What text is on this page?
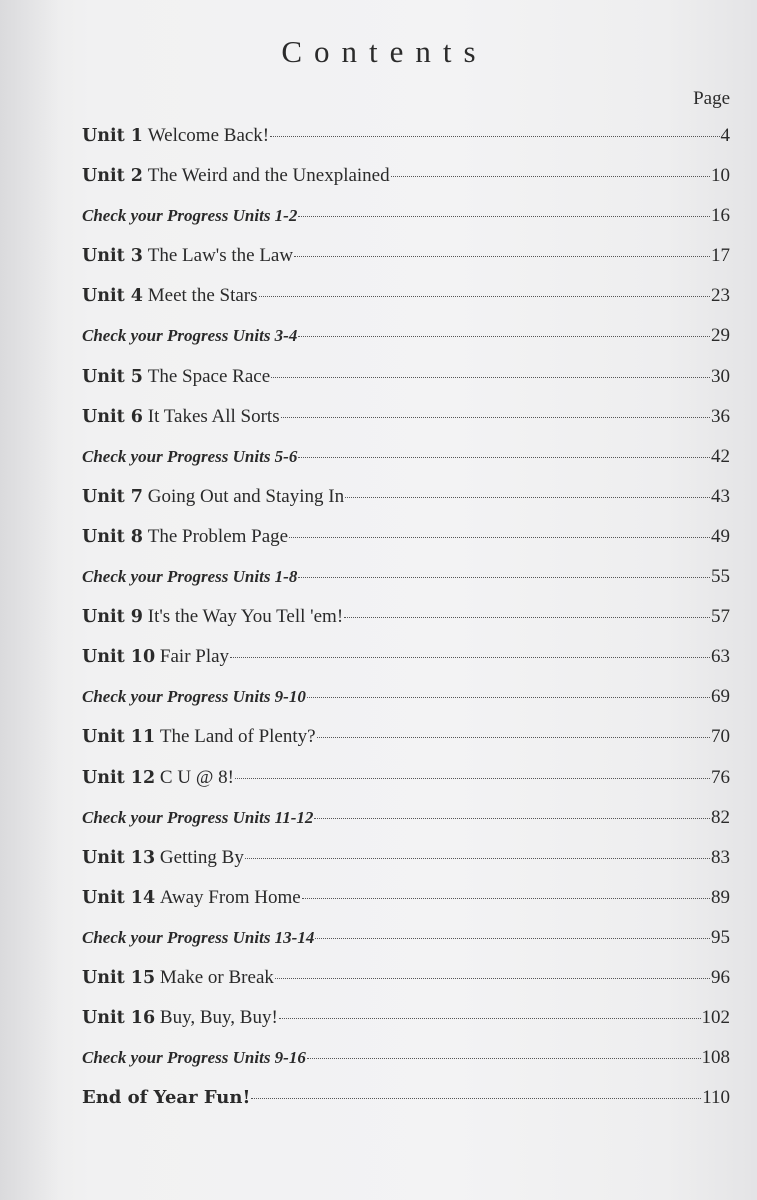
Contents
Page
Unit 1 Welcome Back!	4
Unit 2 The Weird and the Unexplained	10
Check your Progress Units 1-2	16
Unit 3 The Law's the Law	17
Unit 4 Meet the Stars	23
Check your Progress Units 3-4	29
Unit 5 The Space Race	30
Unit 6 It Takes All Sorts	36
Check your Progress Units 5-6	42
Unit 7 Going Out and Staying In	43
Unit 8 The Problem Page	49
Check your Progress Units 1-8	55
Unit 9 It's the Way You Tell 'em!	57
Unit 10 Fair Play	63
Check your Progress Units 9-10	69
Unit 11 The Land of Plenty?	70
Unit 12 C U @ 8!	76
Check your Progress Units 11-12	82
Unit 13 Getting By	83
Unit 14 Away From Home	89
Check your Progress Units 13-14	95
Unit 15 Make or Break	96
Unit 16 Buy, Buy, Buy!	102
Check your Progress Units 9-16	108
End of Year Fun!	110
